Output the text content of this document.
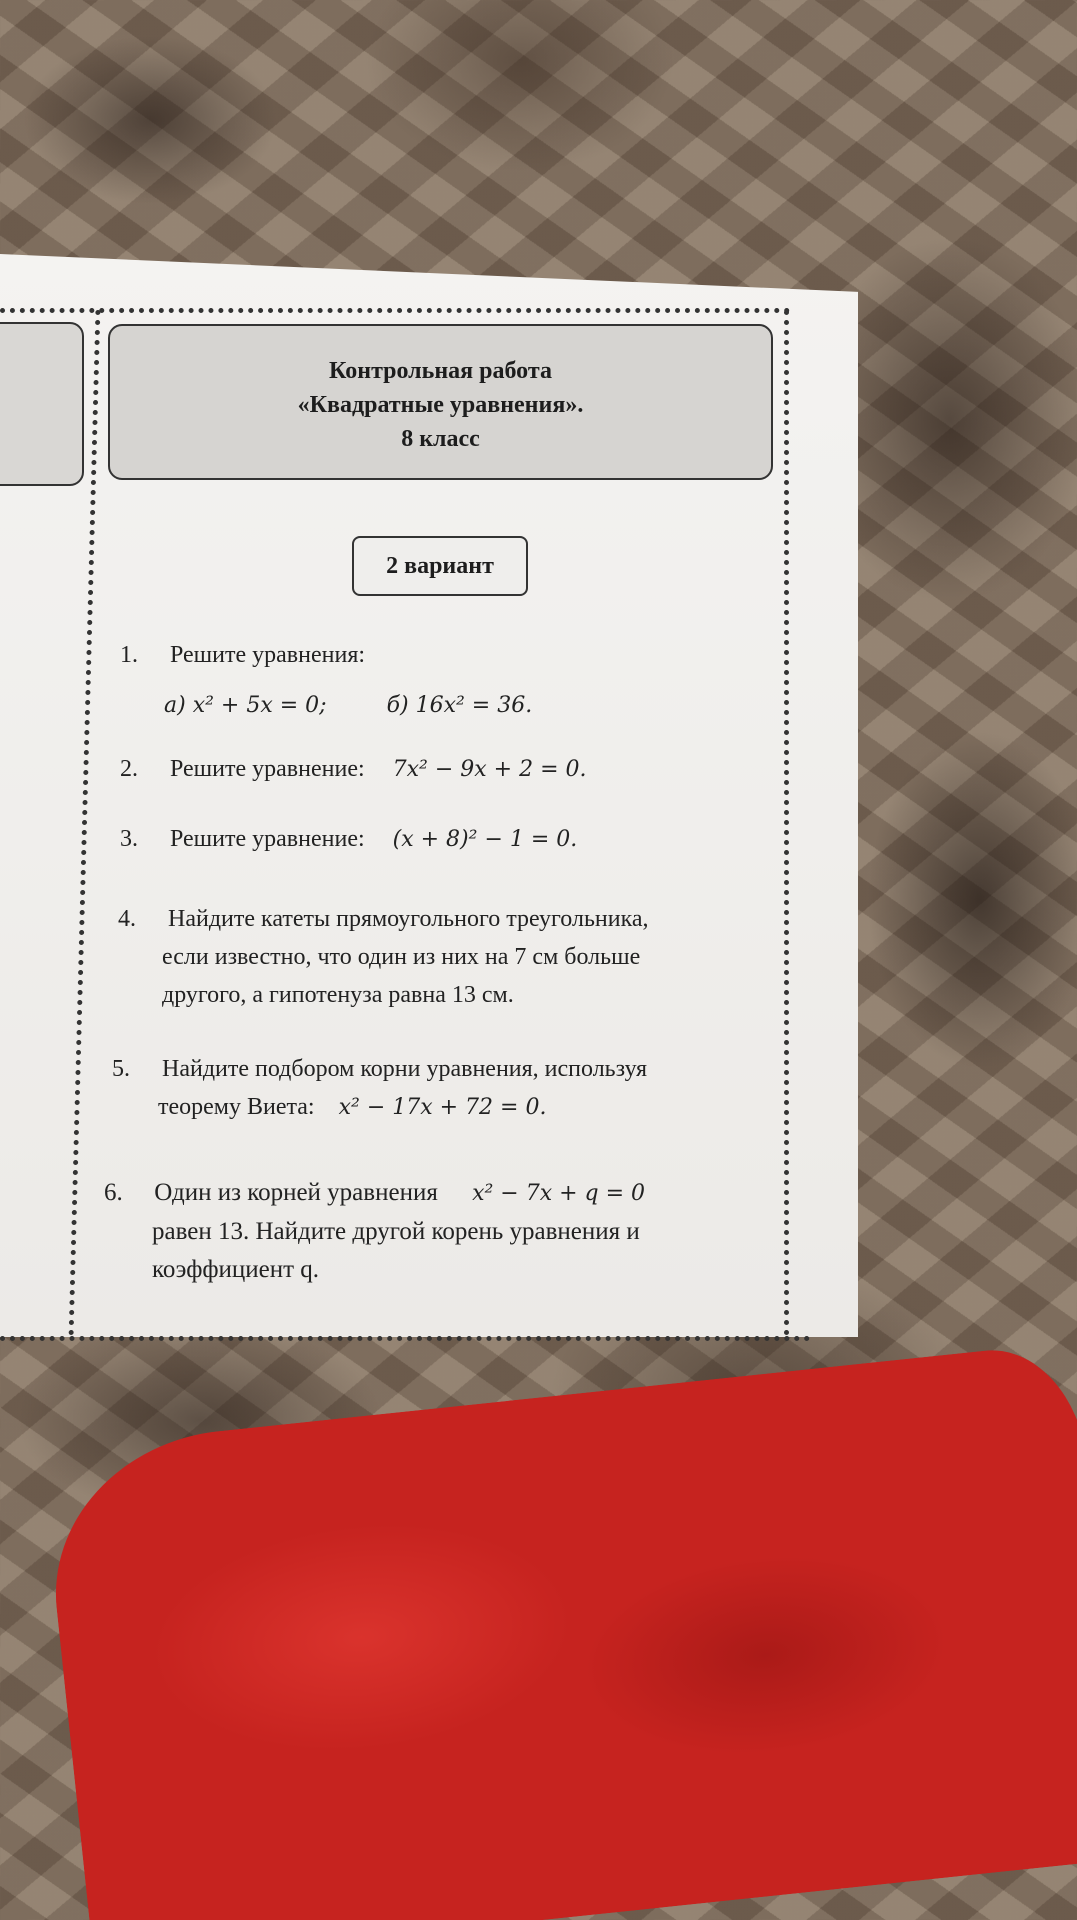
Контрольная работа
«Квадратные уравнения».
8 класс
2 вариант
1. Решите уравнения:
а) x² + 5x = 0;	б) 16x² = 36.
2. Решите уравнение: 7x² − 9x + 2 = 0.
3. Решите уравнение: (x + 8)² − 1 = 0.
4. Найдите катеты прямоугольного треугольника,
если известно, что один из них на 7 см больше
другого, а гипотенуза равна 13 см.
5. Найдите подбором корни уравнения, используя
теорему Виета: x² − 17x + 72 = 0.
6. Один из корней уравнения x² − 7x + q = 0
равен 13. Найдите другой корень уравнения и
коэффициент q.
